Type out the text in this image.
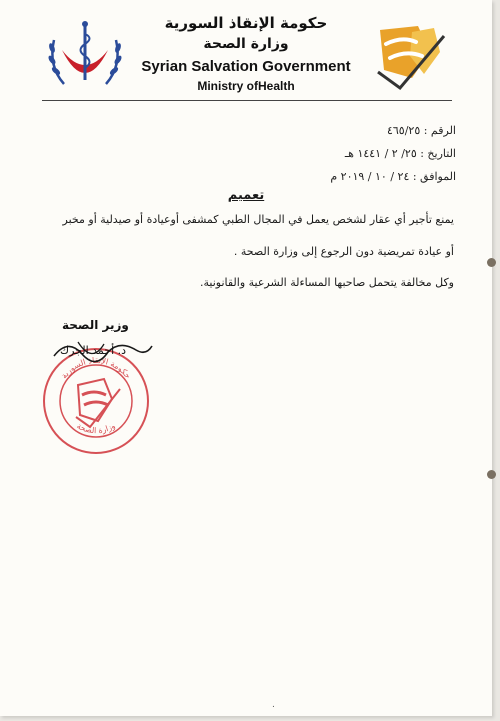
حكومة الإنقاذ السورية
وزارة الصحة
Syrian Salvation Government
Ministry ofHealth
الرقم : ٤٦٥/٢٥
التاريخ : ٢٥/ ٢ / ١٤٤١ هـ
الموافق : ٢٤ / ١٠ / ٢٠١٩ م
تعميم
يمنع تأجير أي عقار لشخص يعمل في المجال الطبي كمشفى أوعيادة أو صيدلية أو مخبر
أو عيادة تمريضية دون الرجوع إلى وزارة الصحة .
وكل مخالفة يتحمل صاحبها المساءلة الشرعية والقانونية.
وزير الصحة
د. أحمد الجرك
حكومة الإنقاذ السورية
وزارة الصحة
.
